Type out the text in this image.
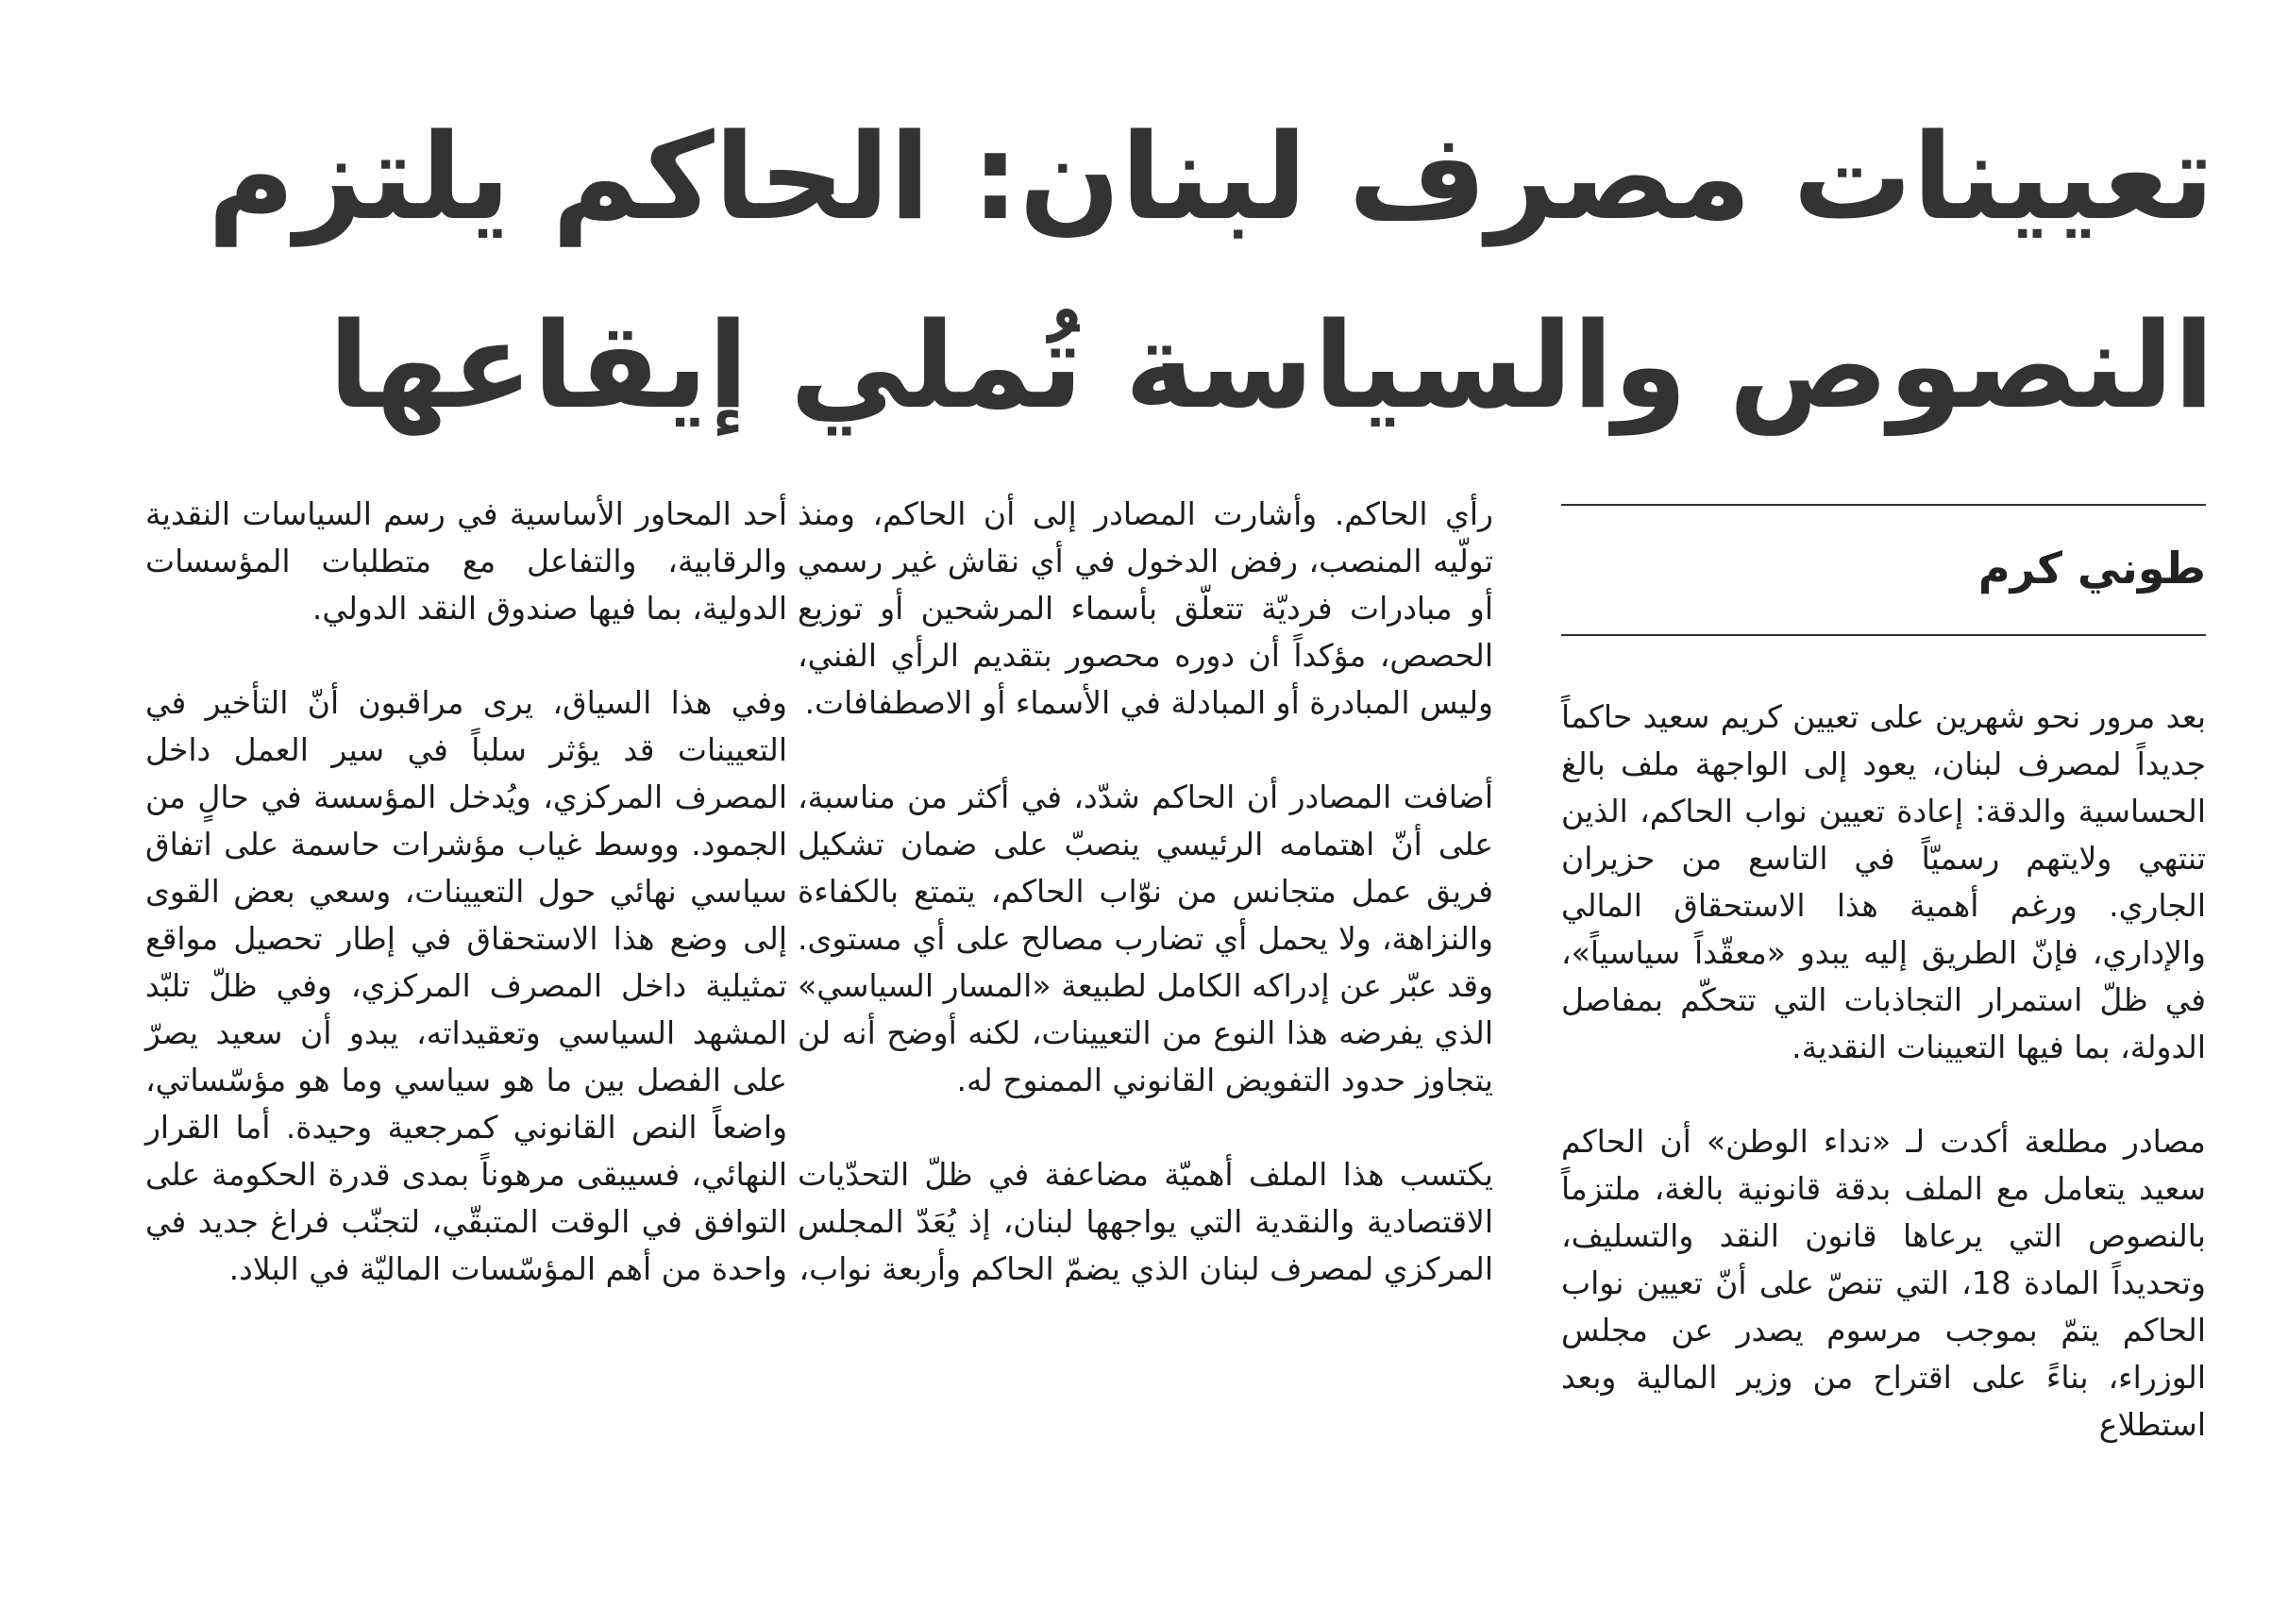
تعيينات مصرف لبنان: الحاكم يلتزم
النصوص والسياسة تُملي إيقاعها

طوني كرم

بعد مرور نحو شهرين على تعيين كريم سعيد حاكماً جديداً لمصرف لبنان، يعود إلى الواجهة ملف بالغ الحساسية والدقة: إعادة تعيين نواب الحاكم، الذين تنتهي ولايتهم رسميّاً في التاسع من حزيران الجاري. ورغم أهمية هذا الاستحقاق المالي والإداري، فإنّ الطريق إليه يبدو «معقّداً سياسياً»، في ظلّ استمرار التجاذبات التي تتحكّم بمفاصل الدولة، بما فيها التعيينات النقدية.

مصادر مطلعة أكدت لـ «نداء الوطن» أن الحاكم سعيد يتعامل مع الملف بدقة قانونية بالغة، ملتزماً بالنصوص التي يرعاها قانون النقد والتسليف، وتحديداً المادة 18، التي تنصّ على أنّ تعيين نواب الحاكم يتمّ بموجب مرسوم يصدر عن مجلس الوزراء، بناءً على اقتراح من وزير المالية وبعد استطلاع

رأي الحاكم. وأشارت المصادر إلى أن الحاكم، ومنذ تولّيه المنصب، رفض الدخول في أي نقاش غير رسمي أو مبادرات فرديّة تتعلّق بأسماء المرشحين أو توزيع الحصص، مؤكداً أن دوره محصور بتقديم الرأي الفني، وليس المبادرة أو المبادلة في الأسماء أو الاصطفافات.

أضافت المصادر أن الحاكم شدّد، في أكثر من مناسبة، على أنّ اهتمامه الرئيسي ينصبّ على ضمان تشكيل فريق عمل متجانس من نوّاب الحاكم، يتمتع بالكفاءة والنزاهة، ولا يحمل أي تضارب مصالح على أي مستوى. وقد عبّر عن إدراكه الكامل لطبيعة «المسار السياسي» الذي يفرضه هذا النوع من التعيينات، لكنه أوضح أنه لن يتجاوز حدود التفويض القانوني الممنوح له.

يكتسب هذا الملف أهميّة مضاعفة في ظلّ التحدّيات الاقتصادية والنقدية التي يواجهها لبنان، إذ يُعَدّ المجلس المركزي لمصرف لبنان الذي يضمّ الحاكم وأربعة نواب،

أحد المحاور الأساسية في رسم السياسات النقدية والرقابية، والتفاعل مع متطلبات المؤسسات الدولية، بما فيها صندوق النقد الدولي.

وفي هذا السياق، يرى مراقبون أنّ التأخير في التعيينات قد يؤثر سلباً في سير العمل داخل المصرف المركزي، ويُدخل المؤسسة في حالٍ من الجمود. ووسط غياب مؤشرات حاسمة على اتفاق سياسي نهائي حول التعيينات، وسعي بعض القوى إلى وضع هذا الاستحقاق في إطار تحصيل مواقع تمثيلية داخل المصرف المركزي، وفي ظلّ تلبّد المشهد السياسي وتعقيداته، يبدو أن سعيد يصرّ على الفصل بين ما هو سياسي وما هو مؤسّساتي، واضعاً النص القانوني كمرجعية وحيدة. أما القرار النهائي، فسيبقى مرهوناً بمدى قدرة الحكومة على التوافق في الوقت المتبقّي، لتجنّب فراغ جديد في واحدة من أهم المؤسّسات الماليّة في البلاد.
